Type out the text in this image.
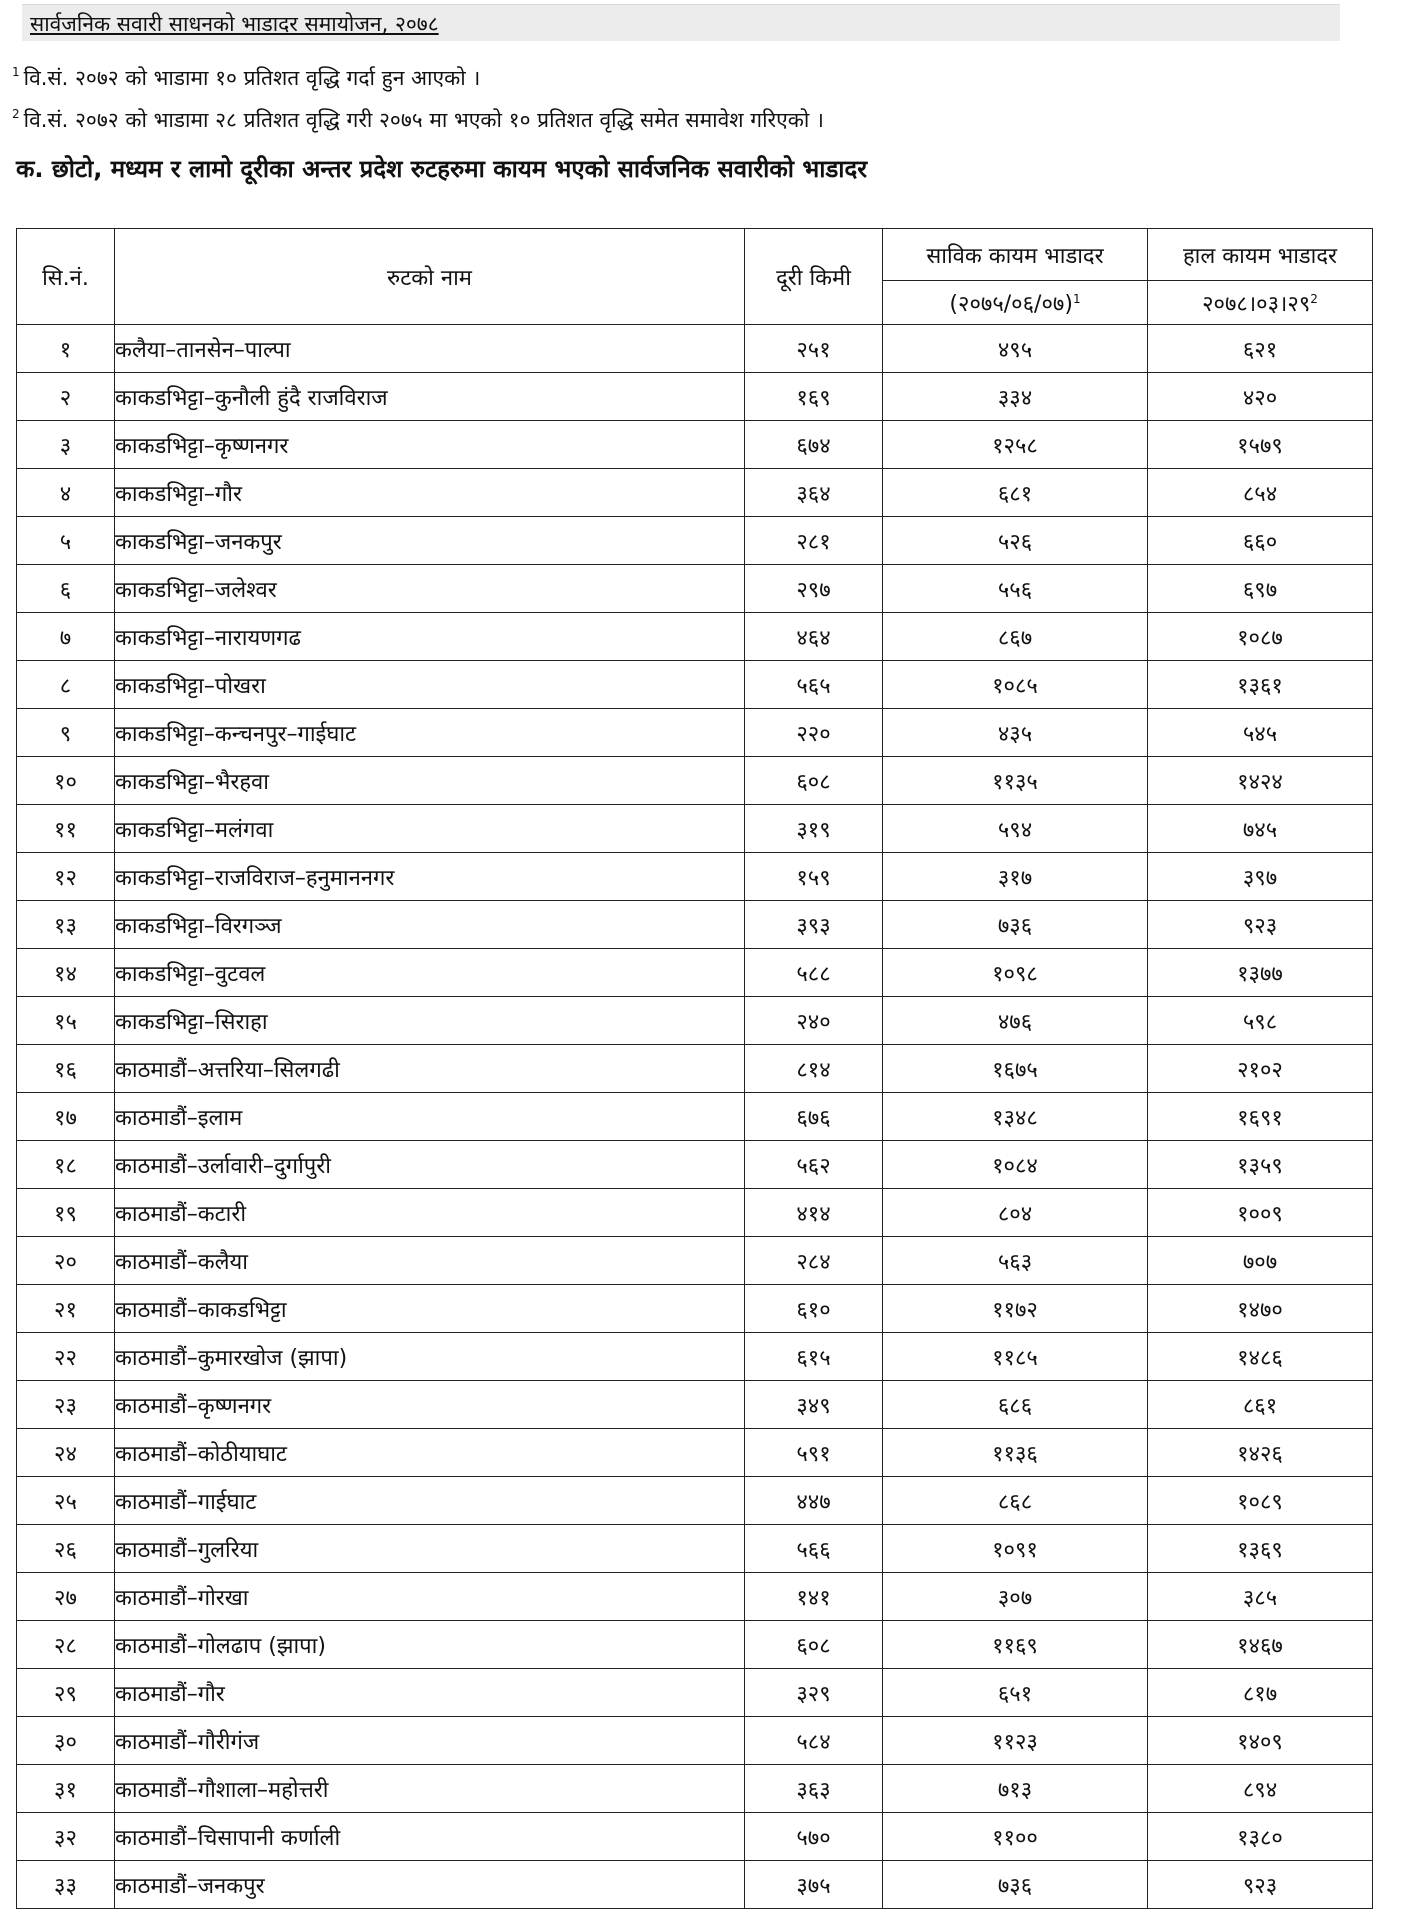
सार्वजनिक सवारी साधनको भाडादर समायोजन, २०७८
$^1$ वि.सं. २०७२ को भाडामा १० प्रतिशत वृद्धि गर्दा हुन आएको ।
$^2$ वि.सं. २०७२ को भाडामा २८ प्रतिशत वृद्धि गरी २०७५ मा भएको १० प्रतिशत वृद्धि समेत समावेश गरिएको ।
क. छोटो, मध्यम र लामो दूरीका अन्तर प्रदेश रुटहरुमा कायम भएको सार्वजनिक सवारीको भाडादर
सि.नं.	रुटको नाम	दूरी किमी	साविक कायम भाडादर	हाल कायम भाडादर
			(२०७५/०६/०७)$^1$	$२०७८।०३।२९^2$
१	कलैया–तानसेन–पाल्पा	२५१	४९५	६२१
२	काकडभिट्टा–कुनौली हुंदै राजविराज	१६९	३३४	४२०
३	काकडभिट्टा–कृष्णनगर	६७४	१२५८	१५७९
४	काकडभिट्टा–गौर	३६४	६८१	८५४
५	काकडभिट्टा–जनकपुर	२८१	५२६	६६०
६	काकडभिट्टा–जलेश्वर	२९७	५५६	६९७
७	काकडभिट्टा–नारायणगढ	४६४	८६७	१०८७
८	काकडभिट्टा–पोखरा	५६५	१०८५	१३६१
९	काकडभिट्टा–कन्चनपुर–गाईघाट	२२०	४३५	५४५
१०	काकडभिट्टा–भैरहवा	६०८	११३५	१४२४
११	काकडभिट्टा–मलंगवा	३१९	५९४	७४५
१२	काकडभिट्टा–राजविराज–हनुमाननगर	१५९	३१७	३९७
१३	काकडभिट्टा–विरगञ्ज	३९३	७३६	९२३
१४	काकडभिट्टा–वुटवल	५८८	१०९८	१३७७
१५	काकडभिट्टा–सिराहा	२४०	४७६	५९८
१६	काठमाडौं–अत्तरिया–सिलगढी	८१४	१६७५	२१०२
१७	काठमाडौं–इलाम	६७६	१३४८	१६९१
१८	काठमाडौं–उर्लावारी–दुर्गापुरी	५६२	१०८४	१३५९
१९	काठमाडौं–कटारी	४१४	८०४	१००९
२०	काठमाडौं–कलैया	२८४	५६३	७०७
२१	काठमाडौं–काकडभिट्टा	६१०	११७२	१४७०
२२	काठमाडौं–कुमारखोज (झापा)	६१५	११८५	१४८६
२३	काठमाडौं–कृष्णनगर	३४९	६८६	८६१
२४	काठमाडौं–कोठीयाघाट	५९१	११३६	१४२६
२५	काठमाडौं–गाईघाट	४४७	८६८	१०८९
२६	काठमाडौं–गुलरिया	५६६	१०९१	१३६९
२७	काठमाडौं–गोरखा	१४१	३०७	३८५
२८	काठमाडौं–गोलढाप (झापा)	६०८	११६९	१४६७
२९	काठमाडौं–गौर	३२९	६५१	८१७
३०	काठमाडौं–गौरीगंज	५८४	११२३	१४०९
३१	काठमाडौं–गौशाला–महोत्तरी	३६३	७१३	८९४
३२	काठमाडौं–चिसापानी कर्णाली	५७०	११००	१३८०
३३	काठमाडौं–जनकपुर	३७५	७३६	९२३
